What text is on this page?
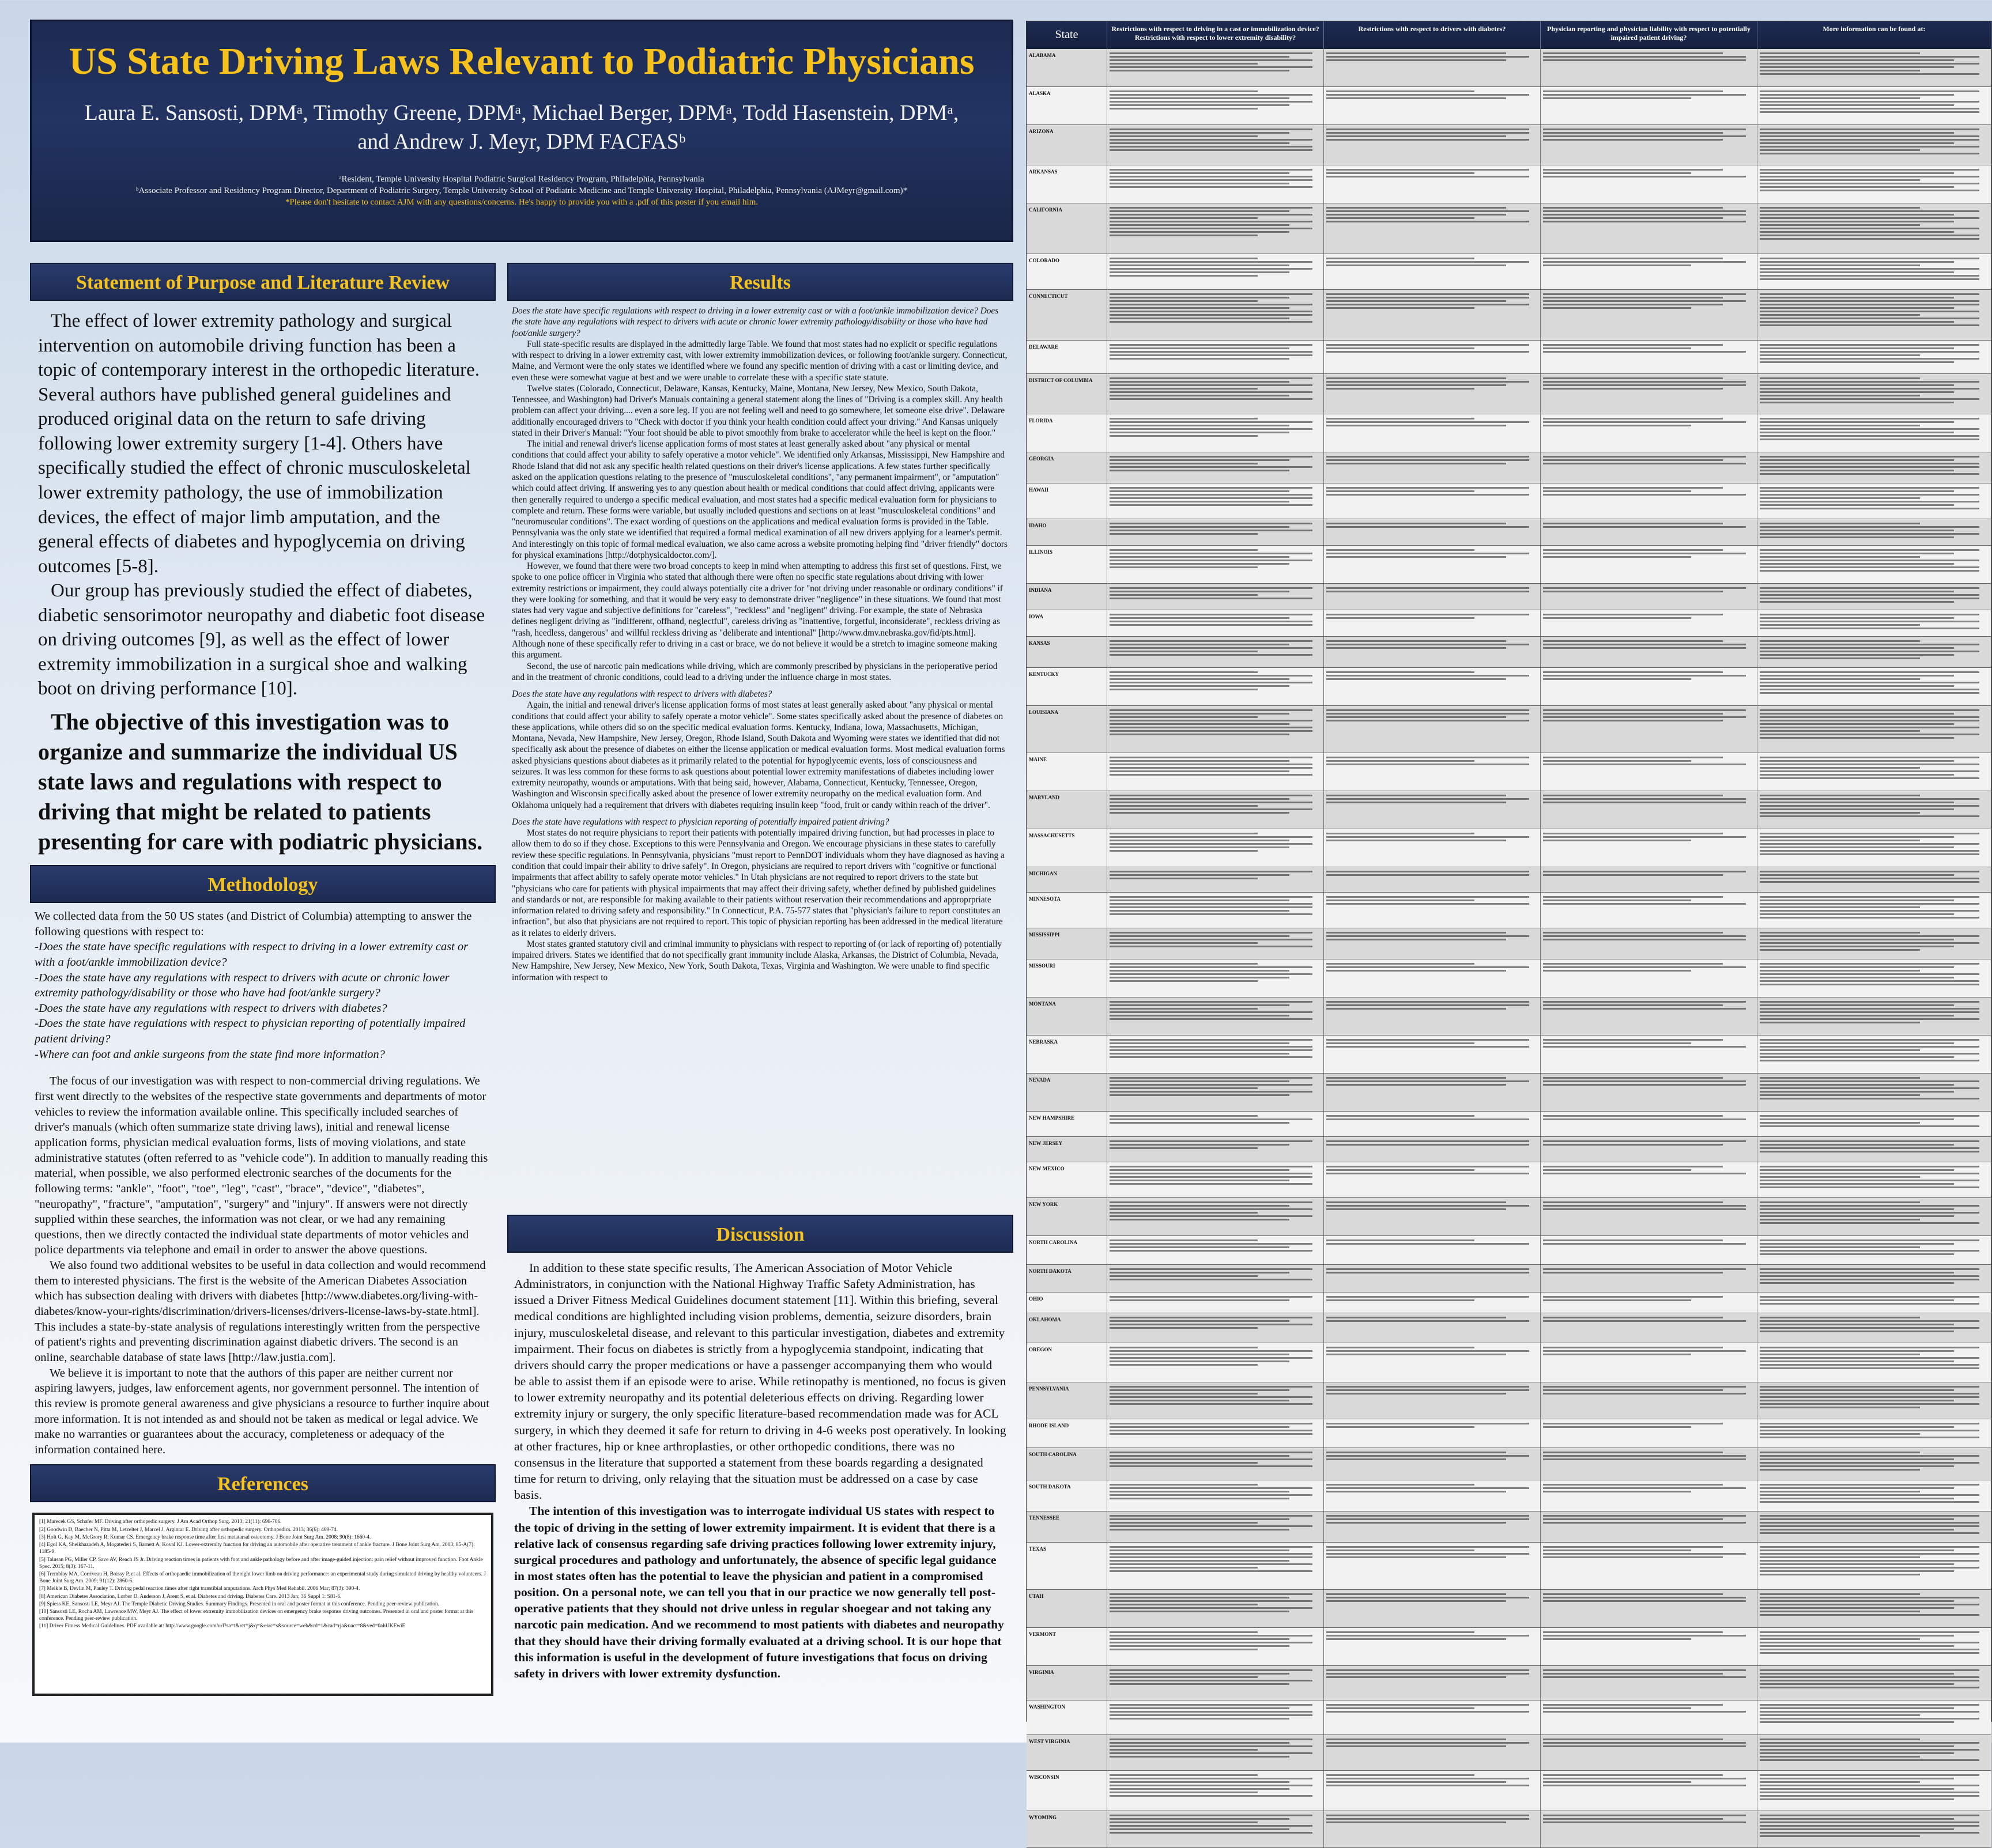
US State Driving Laws Relevant to Podiatric Physicians
Laura E. Sansosti, DPMᵃ, Timothy Greene, DPMᵃ, Michael Berger, DPMᵃ, Todd Hasenstein, DPMᵃ, and Andrew J. Meyr, DPM FACFASᵇ
ᵃResident, Temple University Hospital Podiatric Surgical Residency Program, Philadelphia, Pennsylvania
ᵇAssociate Professor and Residency Program Director, Department of Podiatric Surgery, Temple University School of Podiatric Medicine and Temple University Hospital, Philadelphia, Pennsylvania (AJMeyr@gmail.com)*
*Please don't hesitate to contact AJM with any questions/concerns. He's happy to provide you with a .pdf of this poster if you email him.
Statement of Purpose and Literature Review

The effect of lower extremity pathology and surgical intervention on automobile driving function has been a topic of contemporary interest in the orthopedic literature. Several authors have published general guidelines and produced original data on the return to safe driving following lower extremity surgery [1-4]. Others have specifically studied the effect of chronic musculoskeletal lower extremity pathology, the use of immobilization devices, the effect of major limb amputation, and the general effects of diabetes and hypoglycemia on driving outcomes [5-8].

Our group has previously studied the effect of diabetes, diabetic sensorimotor neuropathy and diabetic foot disease on driving outcomes [9], as well as the effect of lower extremity immobilization in a surgical shoe and walking boot on driving performance [10].

The objective of this investigation was to organize and summarize the individual US state laws and regulations with respect to driving that might be related to patients presenting for care with podiatric physicians.
Methodology
We collected data from the 50 US states (and District of Columbia) attempting to answer the following questions with respect to:
-Does the state have specific regulations with respect to driving in a lower extremity cast or with a foot/ankle immobilization device?
-Does the state have any regulations with respect to drivers with acute or chronic lower extremity pathology/disability or those who have had foot/ankle surgery?
-Does the state have any regulations with respect to drivers with diabetes?
-Does the state have regulations with respect to physician reporting of potentially impaired patient driving?
-Where can foot and ankle surgeons from the state find more information?

The focus of our investigation was with respect to non-commercial driving regulations. We first went directly to the websites of the respective state governments and departments of motor vehicles to review the information available online. This specifically included searches of driver's manuals (which often summarize state driving laws), initial and renewal license application forms, physician medical evaluation forms, lists of moving violations, and state administrative statutes (often referred to as "vehicle code"). In addition to manually reading this material, when possible, we also performed electronic searches of the documents for the following terms: "ankle", "foot", "toe", "leg", "cast", "brace", "device", "diabetes", "neuropathy", "fracture", "amputation", "surgery" and "injury". If answers were not directly supplied within these searches, the information was not clear, or we had any remaining questions, then we directly contacted the individual state departments of motor vehicles and police departments via telephone and email in order to answer the above questions.

We also found two additional websites to be useful in data collection and would recommend them to interested physicians. The first is the website of the American Diabetes Association which has subsection dealing with drivers with diabetes [http://www.diabetes.org/living-with-diabetes/know-your-rights/discrimination/drivers-licenses/drivers-license-laws-by-state.html]. This includes a state-by-state analysis of regulations interestingly written from the perspective of patient's rights and preventing discrimination against diabetic drivers. The second is an online, searchable database of state laws [http://law.justia.com].

We believe it is important to note that the authors of this paper are neither current nor aspiring lawyers, judges, law enforcement agents, nor government personnel. The intention of this review is promote general awareness and give physicians a resource to further inquire about more information. It is not intended as and should not be taken as medical or legal advice. We make no warranties or guarantees about the accuracy, completeness or adequacy of the information contained here.

References
[1] Marecek GS, Schafer MF. Driving after orthopedic surgery. J Am Acad Orthop Surg. 2013; 21(11): 696-706.
[2] Goodwin D, Baecher N, Pitta M, Letzelter J, Marcel J, Argintar E. Driving after orthopedic surgery. Orthopedics. 2013; 36(6): 469-74.
[3] Holt G, Kay M, McGrory R, Kumar CS. Emergency brake response time after first metatarsal osteotomy. J Bone Joint Surg Am. 2008; 90(8): 1660-4.
[4] Egol KA, Sheikhazadeh A, Mogatederi S, Barnett A, Koval KJ. Lower-extremity function for driving an automobile after operative treatment of ankle fracture. J Bone Joint Surg Am. 2003; 85-A(7): 1185-9.
[5] Talusan PG, Miller CP, Save AV, Reach JS Jr. Driving reaction times in patients with foot and ankle pathology before and after image-guided injection: pain relief without improved function. Foot Ankle Spec. 2015; 8(3): 167-11.
[6] Tremblay MA, Corriveau H, Boissy P, et al. Effects of orthopaedic immobilization of the right lower limb on driving performance: an experimental study during simulated driving by healthy volunteers. J Bone Joint Surg Am. 2009; 91(12): 2860-6.
[7] Meikle B, Devlin M, Pauley T. Driving pedal reaction times after right transtibial amputations. Arch Phys Med Rehabil. 2006 Mar; 87(3): 390-4.
[8] American Diabetes Association, Lorber D, Anderson J, Arent S, et al. Diabetes and driving. Diabetes Care. 2013 Jan; 36 Suppl 1: S81-6.
[9] Spiess KE, Sansosti LE, Meyr AJ. The Temple Diabetic Driving Studies. Summary Findings. Presented in oral and poster format at this conference. Pending peer-review publication.
[10] Sansosti LE, Rocha AM, Lawrence MW, Meyr AJ. The effect of lower extremity immobilization devices on emergency brake response driving outcomes. Presented in oral and poster format at this conference. Pending peer-review publication.
[11] Driver Fitness Medical Guidelines. PDF available at: http://www.google.com/url?sa=t&rct=j&q=&esrc=s&source=web&cd=1&cad=rja&uact=8&ved=0ahUKEwiE
Results
Does the state have specific regulations with respect to driving in a lower extremity cast or with a foot/ankle immobilization device? Does the state have any regulations with respect to drivers with acute or chronic lower extremity pathology/disability or those who have had foot/ankle surgery?

Full state-specific results are displayed in the admittedly large Table. We found that most states had no explicit or specific regulations with respect to driving in a lower extremity cast, with lower extremity immobilization devices, or following foot/ankle surgery. Connecticut, Maine, and Vermont were the only states we identified where we found any specific mention of driving with a cast or limiting device, and even these were somewhat vague at best and we were unable to correlate these with a specific state statute.

Twelve states (Colorado, Connecticut, Delaware, Kansas, Kentucky, Maine, Montana, New Jersey, New Mexico, South Dakota, Tennessee, and Washington) had Driver's Manuals containing a general statement along the lines of "Driving is a complex skill. Any health problem can affect your driving.... even a sore leg. If you are not feeling well and need to go somewhere, let someone else drive". Delaware additionally encouraged drivers to "Check with doctor if you think your health condition could affect your driving." And Kansas uniquely stated in their Driver's Manual: "Your foot should be able to pivot smoothly from brake to accelerator while the heel is kept on the floor."

The initial and renewal driver's license application forms of most states at least generally asked about "any physical or mental conditions that could affect your ability to safely operative a motor vehicle". We identified only Arkansas, Mississippi, New Hampshire and Rhode Island that did not ask any specific health related questions on their driver's license applications. A few states further specifically asked on the application questions relating to the presence of "musculoskeletal conditions", "any permanent impairment", or "amputation" which could affect driving. If answering yes to any question about health or medical conditions that could affect driving, applicants were then generally required to undergo a specific medical evaluation, and most states had a specific medical evaluation form for physicians to complete and return. These forms were variable, but usually included questions and sections on at least "musculoskeletal conditions" and "neuromuscular conditions". The exact wording of questions on the applications and medical evaluation forms is provided in the Table. Pennsylvania was the only state we identified that required a formal medical examination of all new drivers applying for a learner's permit. And interestingly on this topic of formal medical evaluation, we also came across a website promoting helping find "driver friendly" doctors for physical examinations [http://dotphysicaldoctor.com/].

However, we found that there were two broad concepts to keep in mind when attempting to address this first set of questions. First, we spoke to one police officer in Virginia who stated that although there were often no specific state regulations about driving with lower extremity restrictions or impairment, they could always potentially cite a driver for "not driving under reasonable or ordinary conditions" if they were looking for something, and that it would be very easy to demonstrate driver "negligence" in these situations. We found that most states had very vague and subjective definitions for "careless", "reckless" and "negligent" driving. For example, the state of Nebraska defines negligent driving as "indifferent, offhand, neglectful", careless driving as "inattentive, forgetful, inconsiderate", reckless driving as "rash, heedless, dangerous" and willful reckless driving as "deliberate and intentional" [http://www.dmv.nebraska.gov/fid/pts.html]. Although none of these specifically refer to driving in a cast or brace, we do not believe it would be a stretch to imagine someone making this argument.

Second, the use of narcotic pain medications while driving, which are commonly prescribed by physicians in the perioperative period and in the treatment of chronic conditions, could lead to a driving under the influence charge in most states.

Does the state have any regulations with respect to drivers with diabetes?

Again, the initial and renewal driver's license application forms of most states at least generally asked about "any physical or mental conditions that could affect your ability to safely operate a motor vehicle". Some states specifically asked about the presence of diabetes on these applications, while others did so on the specific medical evaluation forms. Kentucky, Indiana, Iowa, Massachusetts, Michigan, Montana, Nevada, New Hampshire, New Jersey, Oregon, Rhode Island, South Dakota and Wyoming were states we identified that did not specifically ask about the presence of diabetes on either the license application or medical evaluation forms. Most medical evaluation forms asked physicians questions about diabetes as it primarily related to the potential for hypoglycemic events, loss of consciousness and seizures. It was less common for these forms to ask questions about potential lower extremity manifestations of diabetes including lower extremity neuropathy, wounds or amputations. With that being said, however, Alabama, Connecticut, Kentucky, Tennessee, Oregon, Washington and Wisconsin specifically asked about the presence of lower extremity neuropathy on the medical evaluation form. And Oklahoma uniquely had a requirement that drivers with diabetes requiring insulin keep "food, fruit or candy within reach of the driver".

Does the state have regulations with respect to physician reporting of potentially impaired patient driving?

Most states do not require physicians to report their patients with potentially impaired driving function, but had processes in place to allow them to do so if they chose. Exceptions to this were Pennsylvania and Oregon. We encourage physicians in these states to carefully review these specific regulations. In Pennsylvania, physicians "must report to PennDOT individuals whom they have diagnosed as having a condition that could impair their ability to drive safely". In Oregon, physicians are required to report drivers with "cognitive or functional impairments that affect ability to safely operate motor vehicles." In Utah physicians are not required to report drivers to the state but "physicians who care for patients with physical impairments that may affect their driving safety, whether defined by published guidelines and standards or not, are responsible for making available to their patients without reservation their recommendations and approprpriate information related to driving safety and responsibility." In Connecticut, P.A. 75-577 states that "physician's failure to report constitutes an infraction", but also that physicians are not required to report. This topic of physician reporting has been addressed in the medical literature as it relates to elderly drivers.

Most states granted statutory civil and criminal immunity to physicians with respect to reporting of (or lack of reporting of) potentially impaired drivers. States we identified that do not specifically grant immunity include Alaska, Arkansas, the District of Columbia, Nevada, New Hampshire, New Jersey, New Mexico, New York, South Dakota, Texas, Virginia and Washington. We were unable to find specific information with respect to

Discussion

In addition to these state specific results, The American Association of Motor Vehicle Administrators, in conjunction with the National Highway Traffic Safety Administration, has issued a Driver Fitness Medical Guidelines document statement [11]. Within this briefing, several medical conditions are highlighted including vision problems, dementia, seizure disorders, brain injury, musculoskeletal disease, and relevant to this particular investigation, diabetes and extremity impairment. Their focus on diabetes is strictly from a hypoglycemia standpoint, indicating that drivers should carry the proper medications or have a passenger accompanying them who would be able to assist them if an episode were to arise. While retinopathy is mentioned, no focus is given to lower extremity neuropathy and its potential deleterious effects on driving. Regarding lower extremity injury or surgery, the only specific literature-based recommendation made was for ACL surgery, in which they deemed it safe for return to driving in 4-6 weeks post operatively. In looking at other fractures, hip or knee arthroplasties, or other orthopedic conditions, there was no consensus in the literature that supported a statement from these boards regarding a designated time for return to driving, only relaying that the situation must be addressed on a case by case basis.

The intention of this investigation was to interrogate individual US states with respect to the topic of driving in the setting of lower extremity impairment. It is evident that there is a relative lack of consensus regarding safe driving practices following lower extremity injury, surgical procedures and pathology and unfortunately, the absence of specific legal guidance in most states often has the potential to leave the physician and patient in a compromised position. On a personal note, we can tell you that in our practice we now generally tell post-operative patients that they should not drive unless in regular shoegear and not taking any narcotic pain medication. And we recommend to most patients with diabetes and neuropathy that they should have their driving formally evaluated at a driving school. It is our hope that this information is useful in the development of future investigations that focus on driving safety in drivers with lower extremity dysfunction.

State	Restrictions with respect to driving in a cast or immobilization device? Restrictions with respect to lower extremity disability?
Restrictions with respect to drivers with diabetes?	Physician reporting and physician liability with respect to potentially impaired patient driving?
More information can be found at:
ALABAMA
ALASKA
ARIZONA
ARKANSAS
CALIFORNIA
COLORADO
CONNECTICUT
DELAWARE
DISTRICT OF COLUMBIA
FLORIDA
GEORGIA
HAWAII
IDAHO
ILLINOIS
INDIANA
IOWA
KANSAS
KENTUCKY
LOUISIANA
MAINE
MARYLAND
MASSACHUSETTS
MICHIGAN
MINNESOTA
MISSISSIPPI
MISSOURI
MONTANA
NEBRASKA
NEVADA
NEW HAMPSHIRE
NEW JERSEY
NEW MEXICO
NEW YORK
NORTH CAROLINA
NORTH DAKOTA
OHIO
OKLAHOMA
OREGON
PENNSYLVANIA
RHODE ISLAND
SOUTH CAROLINA
SOUTH DAKOTA
TENNESSEE
TEXAS
UTAH
VERMONT
VIRGINIA
WASHINGTON
WEST VIRGINIA
WISCONSIN
WYOMING
